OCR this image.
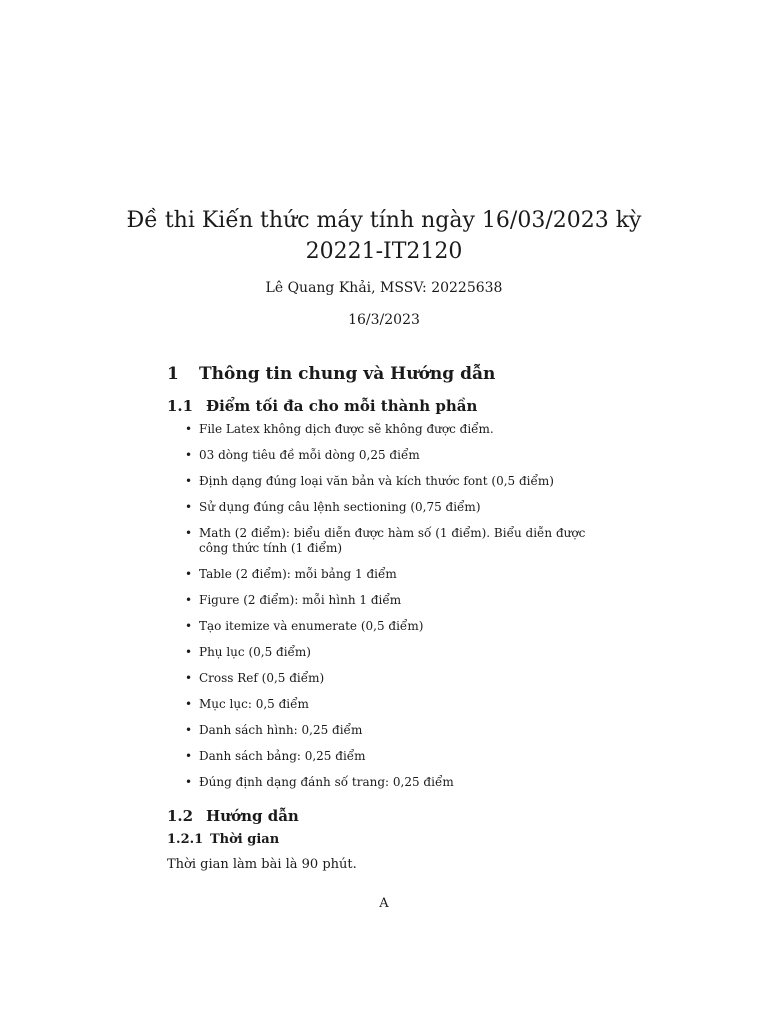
Đề thi Kiến thức máy tính ngày 16/03/2023 kỳ
20221-IT2120
Lê Quang Khải, MSSV: 20225638
16/3/2023
1 Thông tin chung và Hướng dẫn
1.1 Điểm tối đa cho mỗi thành phần
• File Latex không dịch được sẽ không được điểm.
• 03 dòng tiêu đề mỗi dòng 0,25 điểm
• Định dạng đúng loại văn bản và kích thước font (0,5 điểm)
• Sử dụng đúng câu lệnh sectioning (0,75 điểm)
• Math (2 điểm): biểu diễn được hàm số (1 điểm). Biểu diễn được công thức tính (1 điểm)
• Table (2 điểm): mỗi bảng 1 điểm
• Figure (2 điểm): mỗi hình 1 điểm
• Tạo itemize và enumerate (0,5 điểm)
• Phụ lục (0,5 điểm)
• Cross Ref (0,5 điểm)
• Mục lục: 0,5 điểm
• Danh sách hình: 0,25 điểm
• Danh sách bảng: 0,25 điểm
• Đúng định dạng đánh số trang: 0,25 điểm
1.2 Hướng dẫn
1.2.1 Thời gian
Thời gian làm bài là 90 phút.
A
